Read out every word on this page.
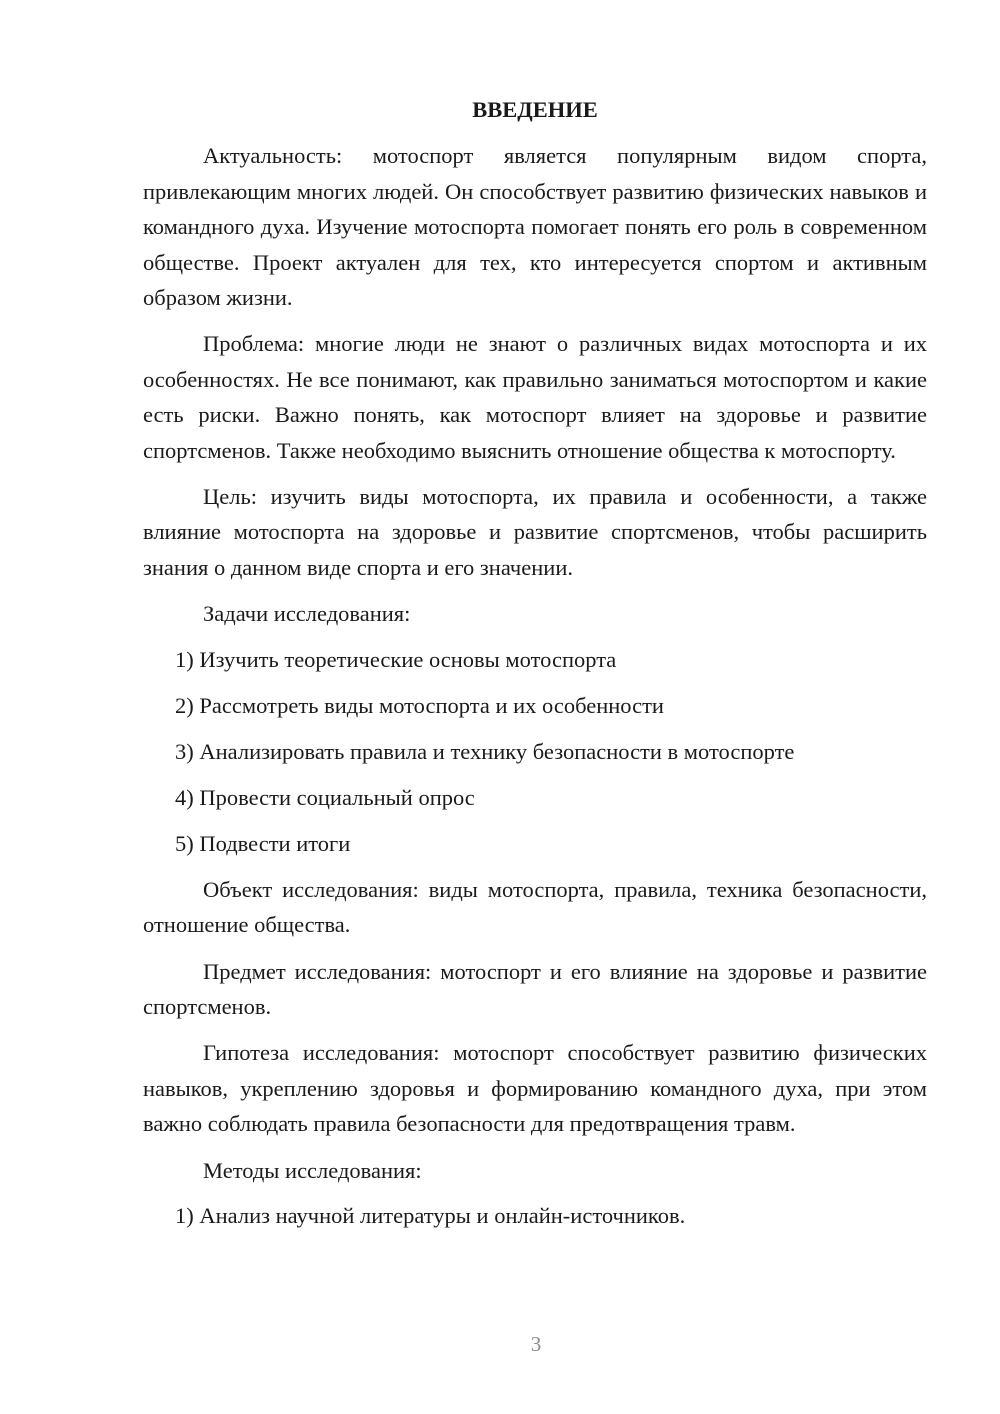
ВВЕДЕНИЕ

Актуальность: мотоспорт является популярным видом спорта, привлекающим многих людей. Он способствует развитию физических навыков и командного духа. Изучение мотоспорта помогает понять его роль в современном обществе. Проект актуален для тех, кто интересуется спортом и активным образом жизни.

Проблема: многие люди не знают о различных видах мотоспорта и их особенностях. Не все понимают, как правильно заниматься мотоспортом и какие есть риски. Важно понять, как мотоспорт влияет на здоровье и развитие спортсменов. Также необходимо выяснить отношение общества к мотоспорту.

Цель: изучить виды мотоспорта, их правила и особенности, а также влияние мотоспорта на здоровье и развитие спортсменов, чтобы расширить знания о данном виде спорта и его значении.

Задачи исследования:

1) Изучить теоретические основы мотоспорта

2) Рассмотреть виды мотоспорта и их особенности

3) Анализировать правила и технику безопасности в мотоспорте

4) Провести социальный опрос

5) Подвести итоги

Объект исследования: виды мотоспорта, правила, техника безопасности, отношение общества.

Предмет исследования: мотоспорт и его влияние на здоровье и развитие спортсменов.

Гипотеза исследования: мотоспорт способствует развитию физических навыков, укреплению здоровья и формированию командного духа, при этом важно соблюдать правила безопасности для предотвращения травм.

Методы исследования:

1) Анализ научной литературы и онлайн-источников.

3
